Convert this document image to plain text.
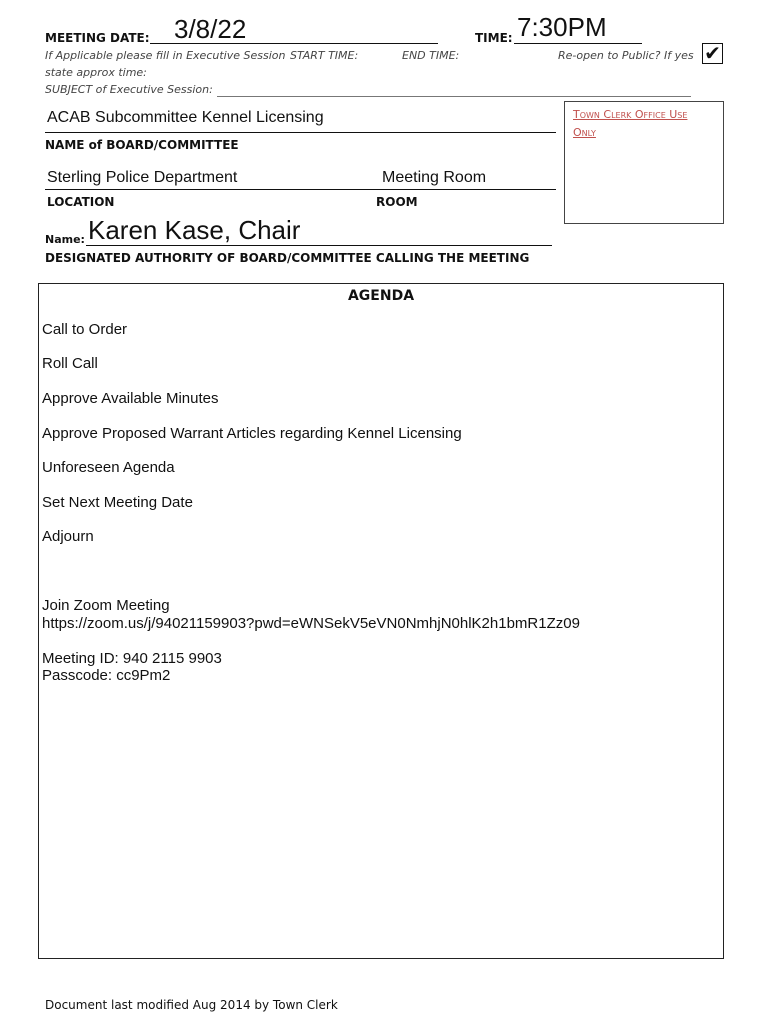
MEETING DATE: 3/8/22	TIME: 7:30PM
If Applicable please fill in Executive Session START TIME:	END TIME:	Re-open to Public? If yes ✔
state approx time:
SUBJECT of Executive Session:
ACAB Subcommittee Kennel Licensing
NAME of BOARD/COMMITTEE
Sterling Police Department	Meeting Room
LOCATION	ROOM
Town Clerk Office Use
Only
Name: Karen Kase, Chair
DESIGNATED AUTHORITY OF BOARD/COMMITTEE CALLING THE MEETING
AGENDA
Call to Order
Roll Call
Approve Available Minutes
Approve Proposed Warrant Articles regarding Kennel Licensing
Unforeseen Agenda
Set Next Meeting Date
Adjourn
Join Zoom Meeting
https://zoom.us/j/94021159903?pwd=eWNSekV5eVN0NmhjN0hlK2h1bmR1Zz09
Meeting ID: 940 2115 9903
Passcode: cc9Pm2
Document last modified Aug 2014 by Town Clerk
